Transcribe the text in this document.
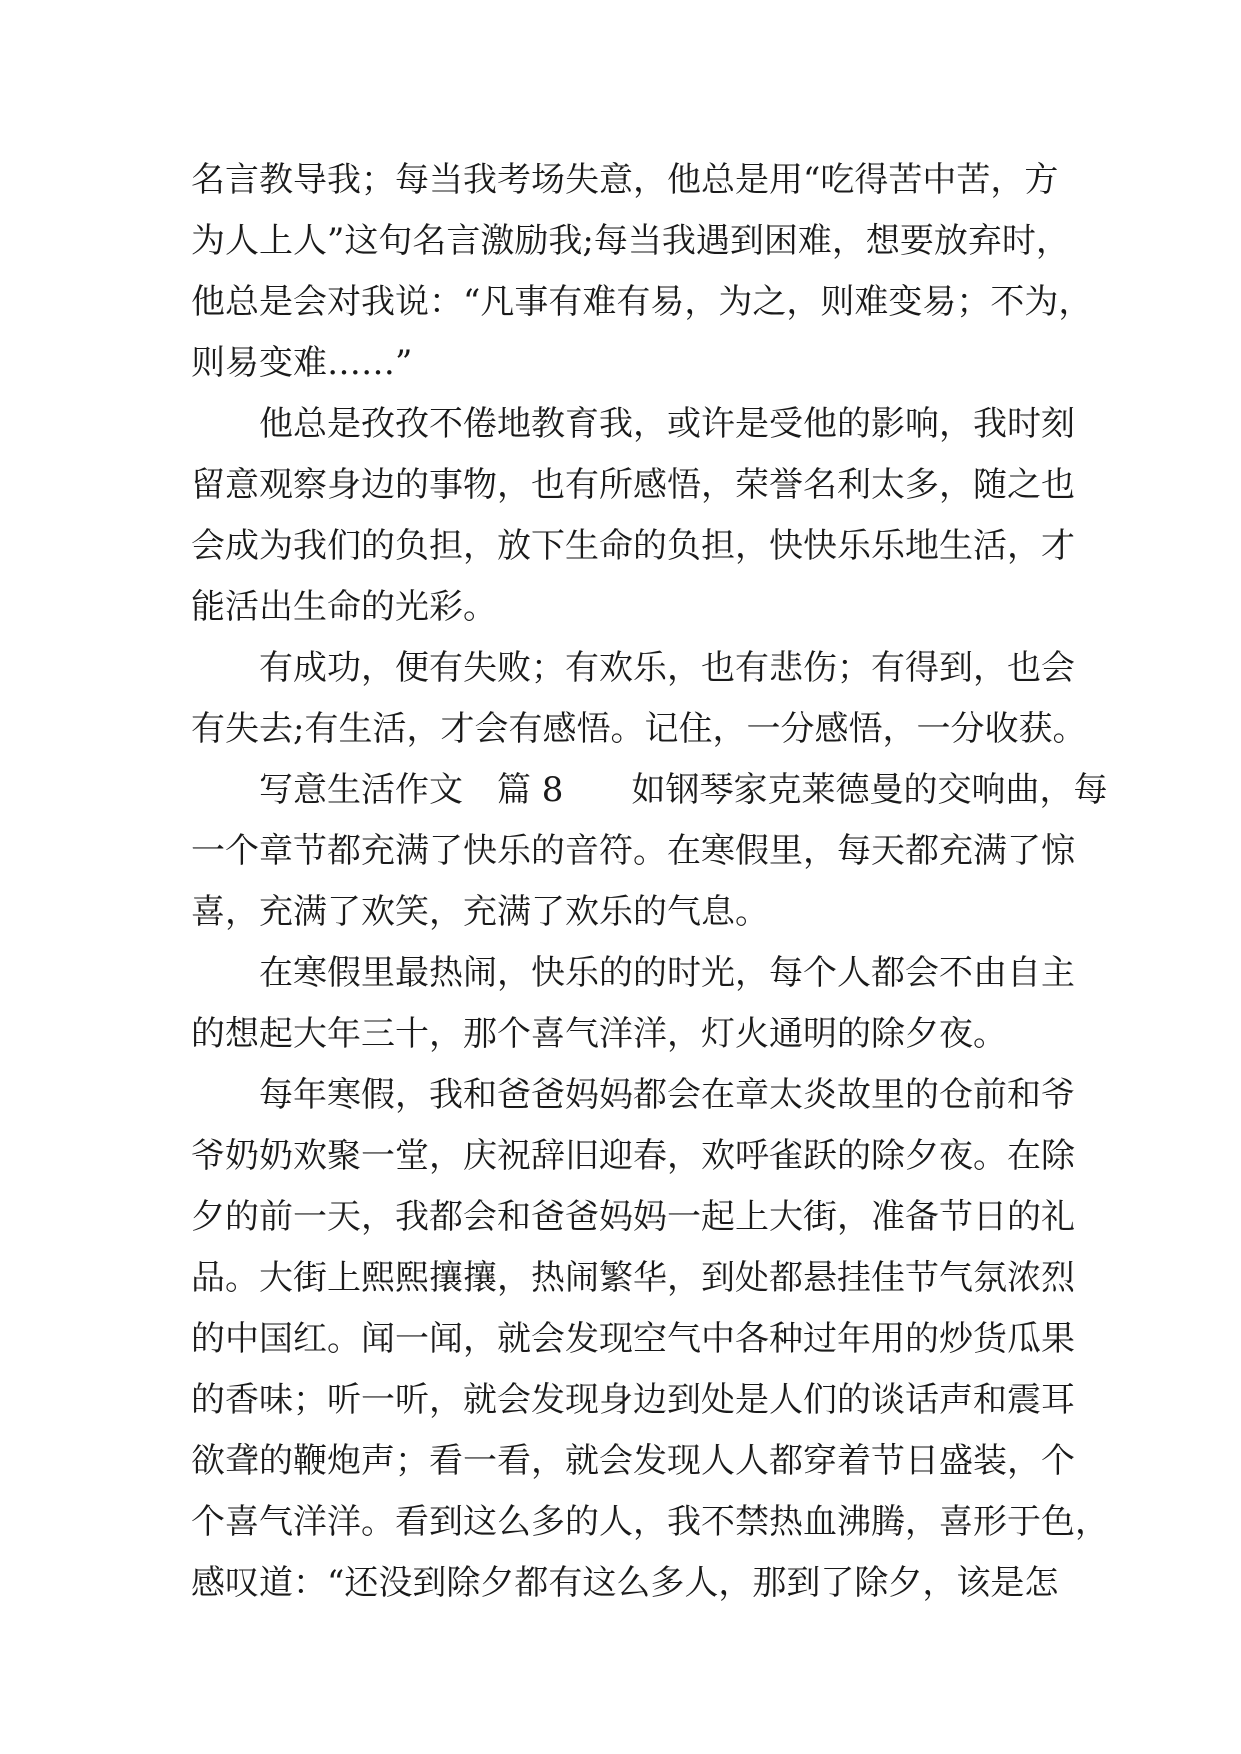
名言教导我；每当我考场失意，他总是用“吃得苦中苦，方
为人上人”这句名言激励我;每当我遇到困难，想要放弃时，
他总是会对我说：“凡事有难有易，为之，则难变易；不为，
则易变难……”
　　他总是孜孜不倦地教育我，或许是受他的影响，我时刻
留意观察身边的事物，也有所感悟，荣誉名利太多，随之也
会成为我们的负担，放下生命的负担，快快乐乐地生活，才
能活出生命的光彩。
　　有成功，便有失败；有欢乐，也有悲伤；有得到，也会
有失去;有生活，才会有感悟。记住，一分感悟，一分收获。
　　写意生活作文　篇 8　　如钢琴家克莱德曼的交响曲，每
一个章节都充满了快乐的音符。在寒假里，每天都充满了惊
喜，充满了欢笑，充满了欢乐的气息。
　　在寒假里最热闹，快乐的的时光，每个人都会不由自主
的想起大年三十，那个喜气洋洋，灯火通明的除夕夜。
　　每年寒假，我和爸爸妈妈都会在章太炎故里的仓前和爷
爷奶奶欢聚一堂，庆祝辞旧迎春，欢呼雀跃的除夕夜。在除
夕的前一天，我都会和爸爸妈妈一起上大街，准备节日的礼
品。大街上熙熙攘攘，热闹繁华，到处都悬挂佳节气氛浓烈
的中国红。闻一闻，就会发现空气中各种过年用的炒货瓜果
的香味；听一听，就会发现身边到处是人们的谈话声和震耳
欲聋的鞭炮声；看一看，就会发现人人都穿着节日盛装，个
个喜气洋洋。看到这么多的人，我不禁热血沸腾，喜形于色，
感叹道：“还没到除夕都有这么多人，那到了除夕，该是怎
